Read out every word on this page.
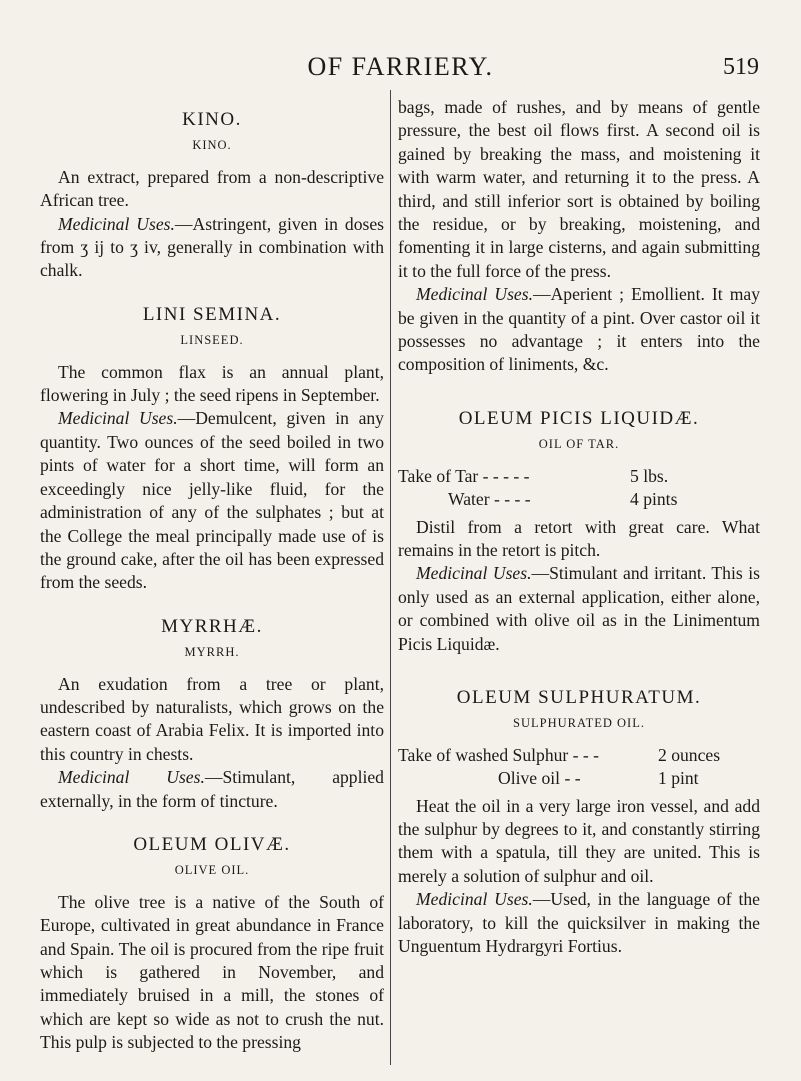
OF FARRIERY.	519
KINO.
KINO.

An extract, prepared from a non-descriptive African tree.

Medicinal Uses.—Astringent, given in doses from ʒ ij to ʒ iv, generally in combination with chalk.

LINI SEMINA.
LINSEED.

The common flax is an annual plant, flowering in July ; the seed ripens in September.

Medicinal Uses.—Demulcent, given in any quantity. Two ounces of the seed boiled in two pints of water for a short time, will form an exceedingly nice jelly-like fluid, for the administration of any of the sulphates ; but at the College the meal principally made use of is the ground cake, after the oil has been expressed from the seeds.

MYRRHÆ.
MYRRH.

An exudation from a tree or plant, undescribed by naturalists, which grows on the eastern coast of Arabia Felix. It is imported into this country in chests.

Medicinal Uses.—Stimulant, applied externally, in the form of tincture.

OLEUM OLIVÆ.
OLIVE OIL.

The olive tree is a native of the South of Europe, cultivated in great abundance in France and Spain. The oil is procured from the ripe fruit which is gathered in November, and immediately bruised in a mill, the stones of which are kept so wide as not to crush the nut. This pulp is subjected to the pressing

bags, made of rushes, and by means of gentle pressure, the best oil flows first. A second oil is gained by breaking the mass, and moistening it with warm water, and returning it to the press. A third, and still inferior sort is obtained by boiling the residue, or by breaking, moistening, and fomenting it in large cisterns, and again submitting it to the full force of the press.

Medicinal Uses.—Aperient ; Emollient. It may be given in the quantity of a pint. Over castor oil it possesses no advantage ; it enters into the composition of liniments, &c.

OLEUM PICIS LIQUIDÆ.
OIL OF TAR.
Take of Tar - - - - -	5 lbs.
Water - - - -	4 pints

Distil from a retort with great care. What remains in the retort is pitch.

Medicinal Uses.—Stimulant and irritant. This is only used as an external application, either alone, or combined with olive oil as in the Linimentum Picis Liquidæ.

OLEUM SULPHURATUM.
SULPHURATED OIL.
Take of washed Sulphur - - -	2 ounces
Olive oil - -	1 pint

Heat the oil in a very large iron vessel, and add the sulphur by degrees to it, and constantly stirring them with a spatula, till they are united. This is merely a solution of sulphur and oil.

Medicinal Uses.—Used, in the language of the laboratory, to kill the quicksilver in making the Unguentum Hydrargyri Fortius.
